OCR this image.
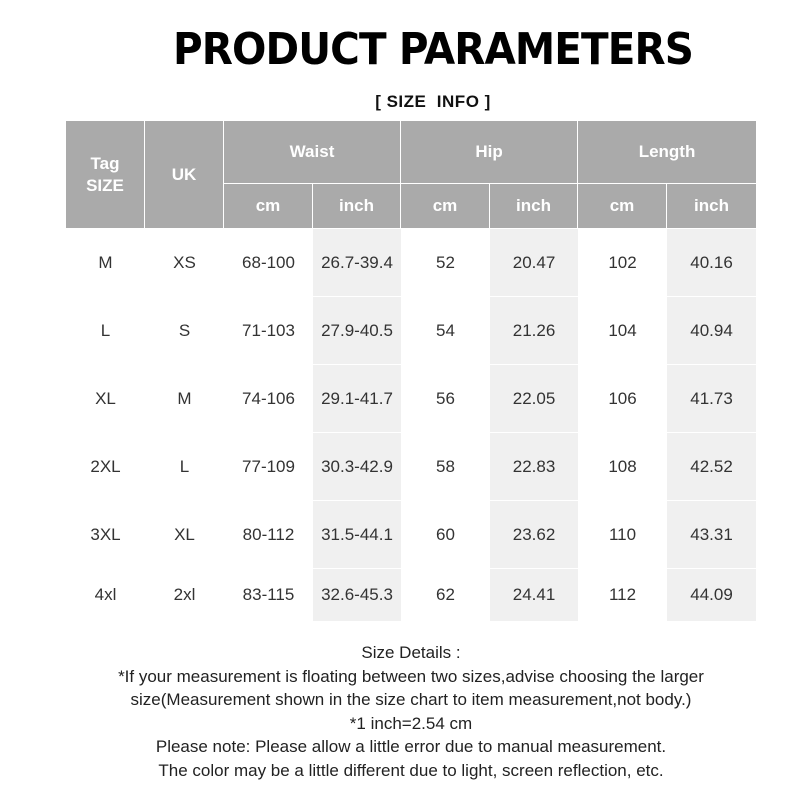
PRODUCT PARAMETERS
[ SIZE  INFO ]
Tag SIZE	UK	Waist		Hip		Length	
		cm	inch	cm	inch	cm	inch
M	XS	68-100	26.7-39.4	52	20.47	102	40.16
L	S	71-103	27.9-40.5	54	21.26	104	40.94
XL	M	74-106	29.1-41.7	56	22.05	106	41.73
2XL	L	77-109	30.3-42.9	58	22.83	108	42.52
3XL	XL	80-112	31.5-44.1	60	23.62	110	43.31
4xl	2xl	83-115	32.6-45.3	62	24.41	112	44.09
Size Details :
*If your measurement is floating between two sizes,advise choosing the larger
size(Measurement shown in the size chart to item measurement,not body.)
*1 inch=2.54 cm
Please note: Please allow a little error due to manual measurement.
The color may be a little different due to light, screen reflection, etc.
